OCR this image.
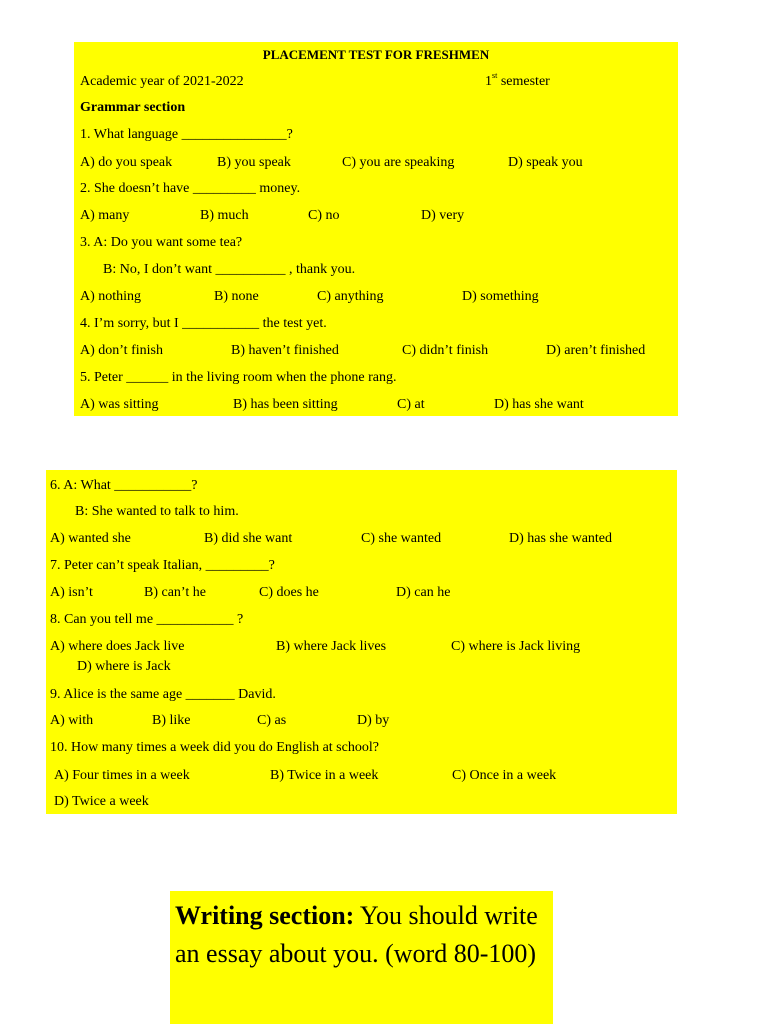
PLACEMENT TEST FOR FRESHMEN
Academic year of 2021-2022	1st semester
Grammar section
1. What language _______________?
A) do you speak	B) you speak	C) you are speaking	D) speak you
2. She doesn’t have _________ money.
A) many	B) much	C) no	D) very
3. A: Do you want some tea?
B: No, I don’t want __________ , thank you.
A) nothing	B) none	C) anything	D) something
4. I’m sorry, but I ___________ the test yet.
A) don’t finish	B) haven’t finished	C) didn’t finish	D) aren’t finished
5. Peter ______ in the living room when the phone rang.
A) was sitting	B) has been sitting	C) at	D) has she want
6. A: What ___________?
B: She wanted to talk to him.
A) wanted she	B) did she want	C) she wanted	D) has she wanted
7. Peter can’t speak Italian, _________?
A) isn’t	B) can’t he	C) does he	D) can he
8. Can you tell me ___________ ?
A) where does Jack live	B) where Jack lives	C) where is Jack living
D) where is Jack
9. Alice is the same age _______ David.
A) with	B) like	C) as	D) by
10. How many times a week did you do English at school?
A) Four times in a week	B) Twice in a week	C) Once in a week
D) Twice a week
Writing section: You should write an essay about you. (word 80-100)
